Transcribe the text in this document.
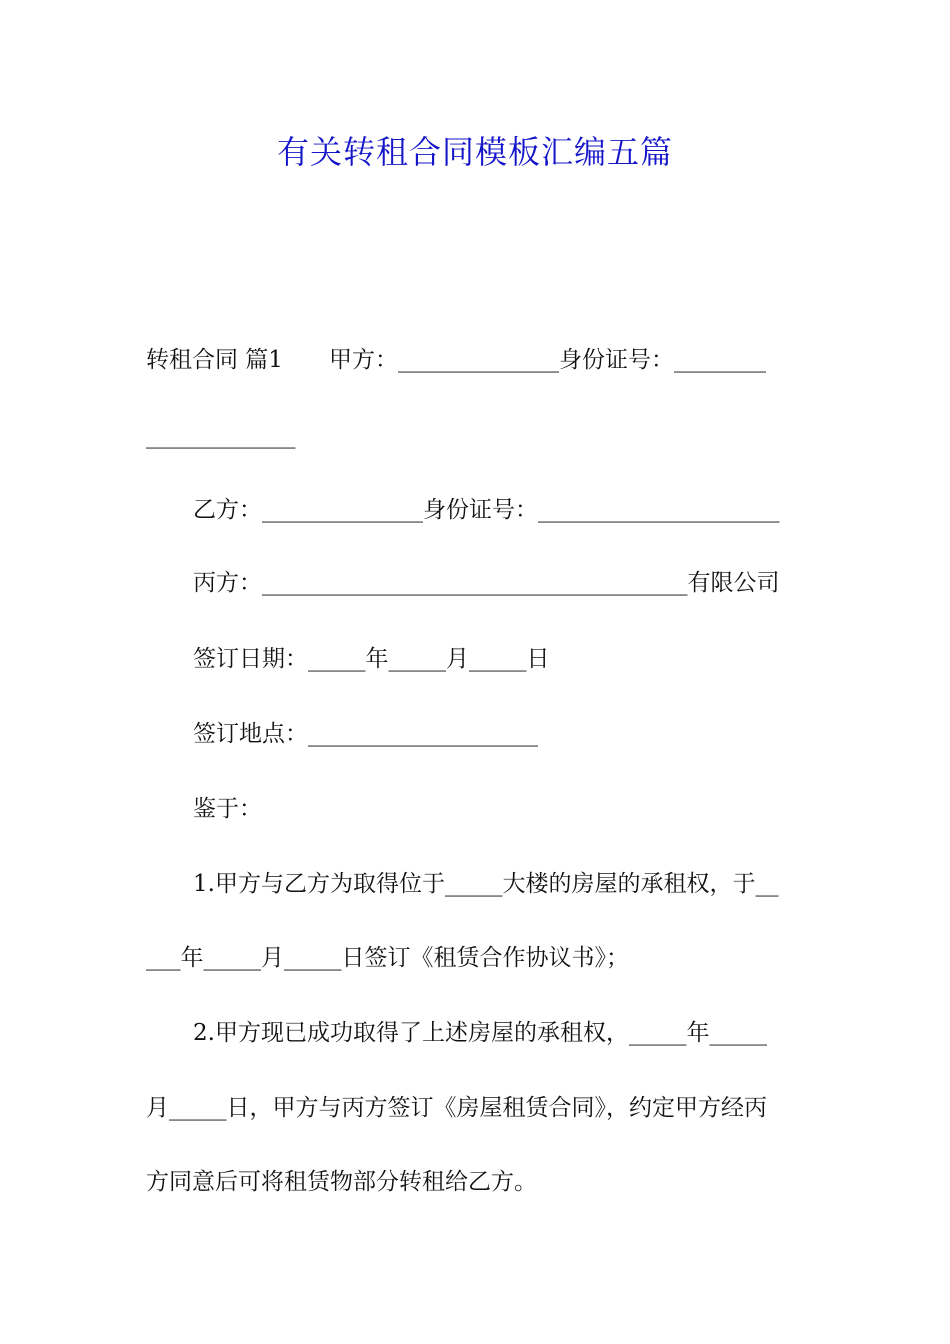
有关转租合同模板汇编五篇
转租合同 篇1 甲方：______________身份证号：________
_____________
乙方：______________身份证号：_____________________
丙方：_____________________________________有限公司
签订日期：_____年_____月_____日
签订地点：____________________
鉴于：
1.甲方与乙方为取得位于_____大楼的房屋的承租权，于__
___年_____月_____日签订《租赁合作协议书》；
2.甲方现已成功取得了上述房屋的承租权，_____年_____
月_____日，甲方与丙方签订《房屋租赁合同》，约定甲方经丙
方同意后可将租赁物部分转租给乙方。
